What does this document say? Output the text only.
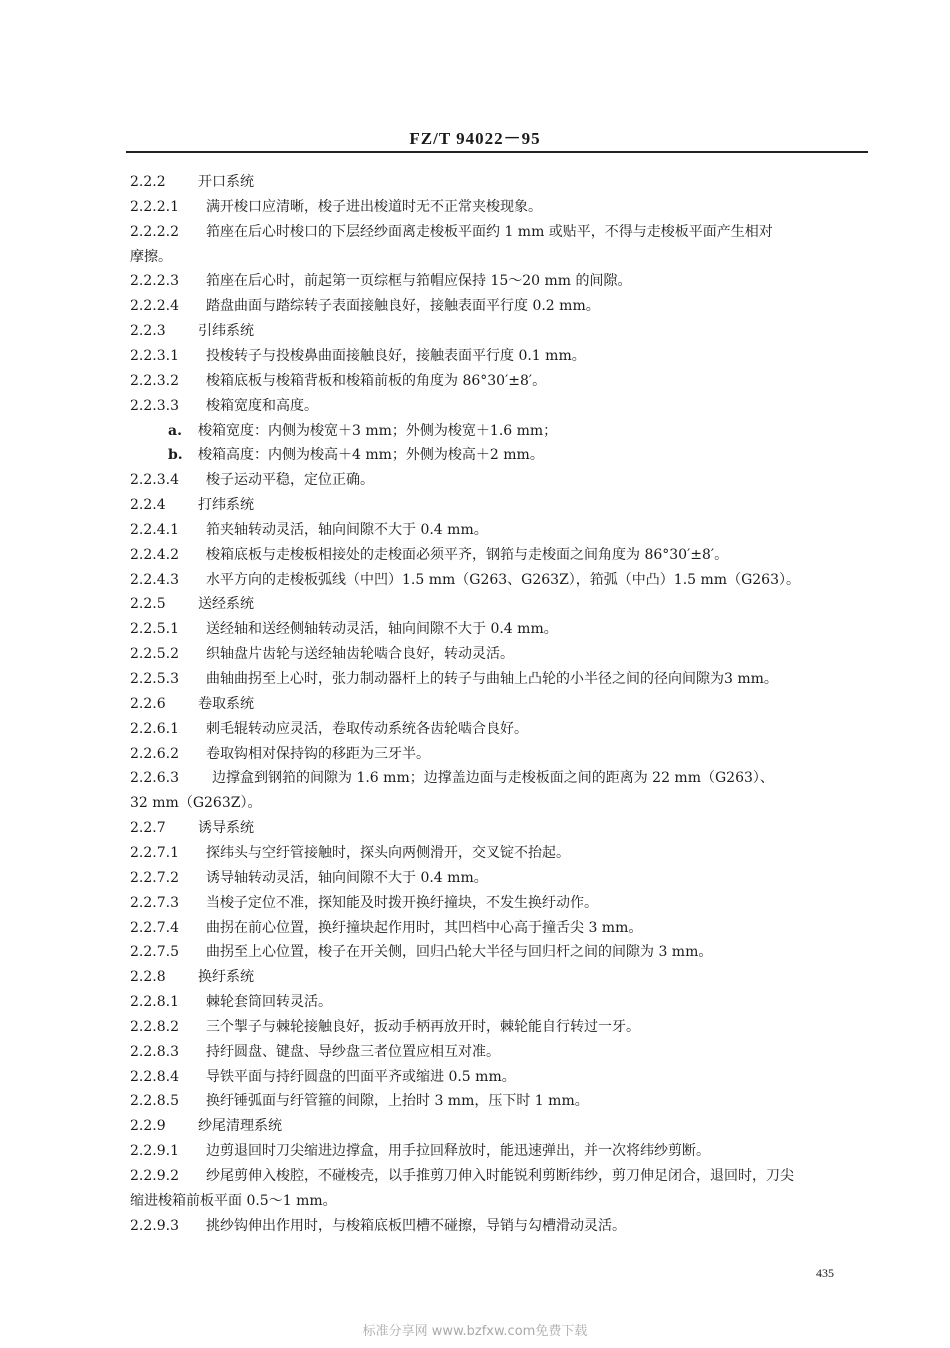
FZ/T 94022－95
2.2.2 开口系统
2.2.2.1 满开梭口应清晰，梭子进出梭道时无不正常夹梭现象。
2.2.2.2 筘座在后心时梭口的下层经纱面离走梭板平面约 1 mm 或贴平，不得与走梭板平面产生相对
摩擦。
2.2.2.3 筘座在后心时，前起第一页综框与筘帽应保持 15～20 mm 的间隙。
2.2.2.4 踏盘曲面与踏综转子表面接触良好，接触表面平行度 0.2 mm。
2.2.3 引纬系统
2.2.3.1 投梭转子与投梭鼻曲面接触良好，接触表面平行度 0.1 mm。
2.2.3.2 梭箱底板与梭箱背板和梭箱前板的角度为 86°30′±8′。
2.2.3.3 梭箱宽度和高度。
a. 梭箱宽度：内侧为梭宽＋3 mm；外侧为梭宽＋1.6 mm；
b. 梭箱高度：内侧为梭高＋4 mm；外侧为梭高＋2 mm。
2.2.3.4 梭子运动平稳，定位正确。
2.2.4 打纬系统
2.2.4.1 筘夹轴转动灵活，轴向间隙不大于 0.4 mm。
2.2.4.2 梭箱底板与走梭板相接处的走梭面必须平齐，钢筘与走梭面之间角度为 86°30′±8′。
2.2.4.3 水平方向的走梭板弧线（中凹）1.5 mm（G263、G263Z），筘弧（中凸）1.5 mm（G263）。
2.2.5 送经系统
2.2.5.1 送经轴和送经侧轴转动灵活，轴向间隙不大于 0.4 mm。
2.2.5.2 织轴盘片齿轮与送经轴齿轮啮合良好，转动灵活。
2.2.5.3 曲轴曲拐至上心时，张力制动器杆上的转子与曲轴上凸轮的小半径之间的径向间隙为3 mm。
2.2.6 卷取系统
2.2.6.1 刺毛辊转动应灵活，卷取传动系统各齿轮啮合良好。
2.2.6.2 卷取钩相对保持钩的移距为三牙半。
2.2.6.3 边撑盒到钢筘的间隙为 1.6 mm；边撑盖边面与走梭板面之间的距离为 22 mm（G263）、
32 mm（G263Z）。
2.2.7 诱导系统
2.2.7.1 探纬头与空纡管接触时，探头向两侧滑开，交叉锭不抬起。
2.2.7.2 诱导轴转动灵活，轴向间隙不大于 0.4 mm。
2.2.7.3 当梭子定位不准，探知能及时拨开换纡撞块，不发生换纡动作。
2.2.7.4 曲拐在前心位置，换纡撞块起作用时，其凹档中心高于撞舌尖 3 mm。
2.2.7.5 曲拐至上心位置，梭子在开关侧，回归凸轮大半径与回归杆之间的间隙为 3 mm。
2.2.8 换纡系统
2.2.8.1 棘轮套筒回转灵活。
2.2.8.2 三个掣子与棘轮接触良好，扳动手柄再放开时，棘轮能自行转过一牙。
2.2.8.3 持纡圆盘、键盘、导纱盘三者位置应相互对准。
2.2.8.4 导铁平面与持纡圆盘的凹面平齐或缩进 0.5 mm。
2.2.8.5 换纡锤弧面与纡管箍的间隙，上抬时 3 mm，压下时 1 mm。
2.2.9 纱尾清理系统
2.2.9.1 边剪退回时刀尖缩进边撑盒，用手拉回释放时，能迅速弹出，并一次将纬纱剪断。
2.2.9.2 纱尾剪伸入梭腔，不碰梭壳，以手推剪刀伸入时能锐利剪断纬纱，剪刀伸足闭合，退回时，刀尖
缩进梭箱前板平面 0.5～1 mm。
2.2.9.3 挑纱钩伸出作用时，与梭箱底板凹槽不碰擦，导销与勾槽滑动灵活。
435
标准分享网 www.bzfxw.com免费下载
